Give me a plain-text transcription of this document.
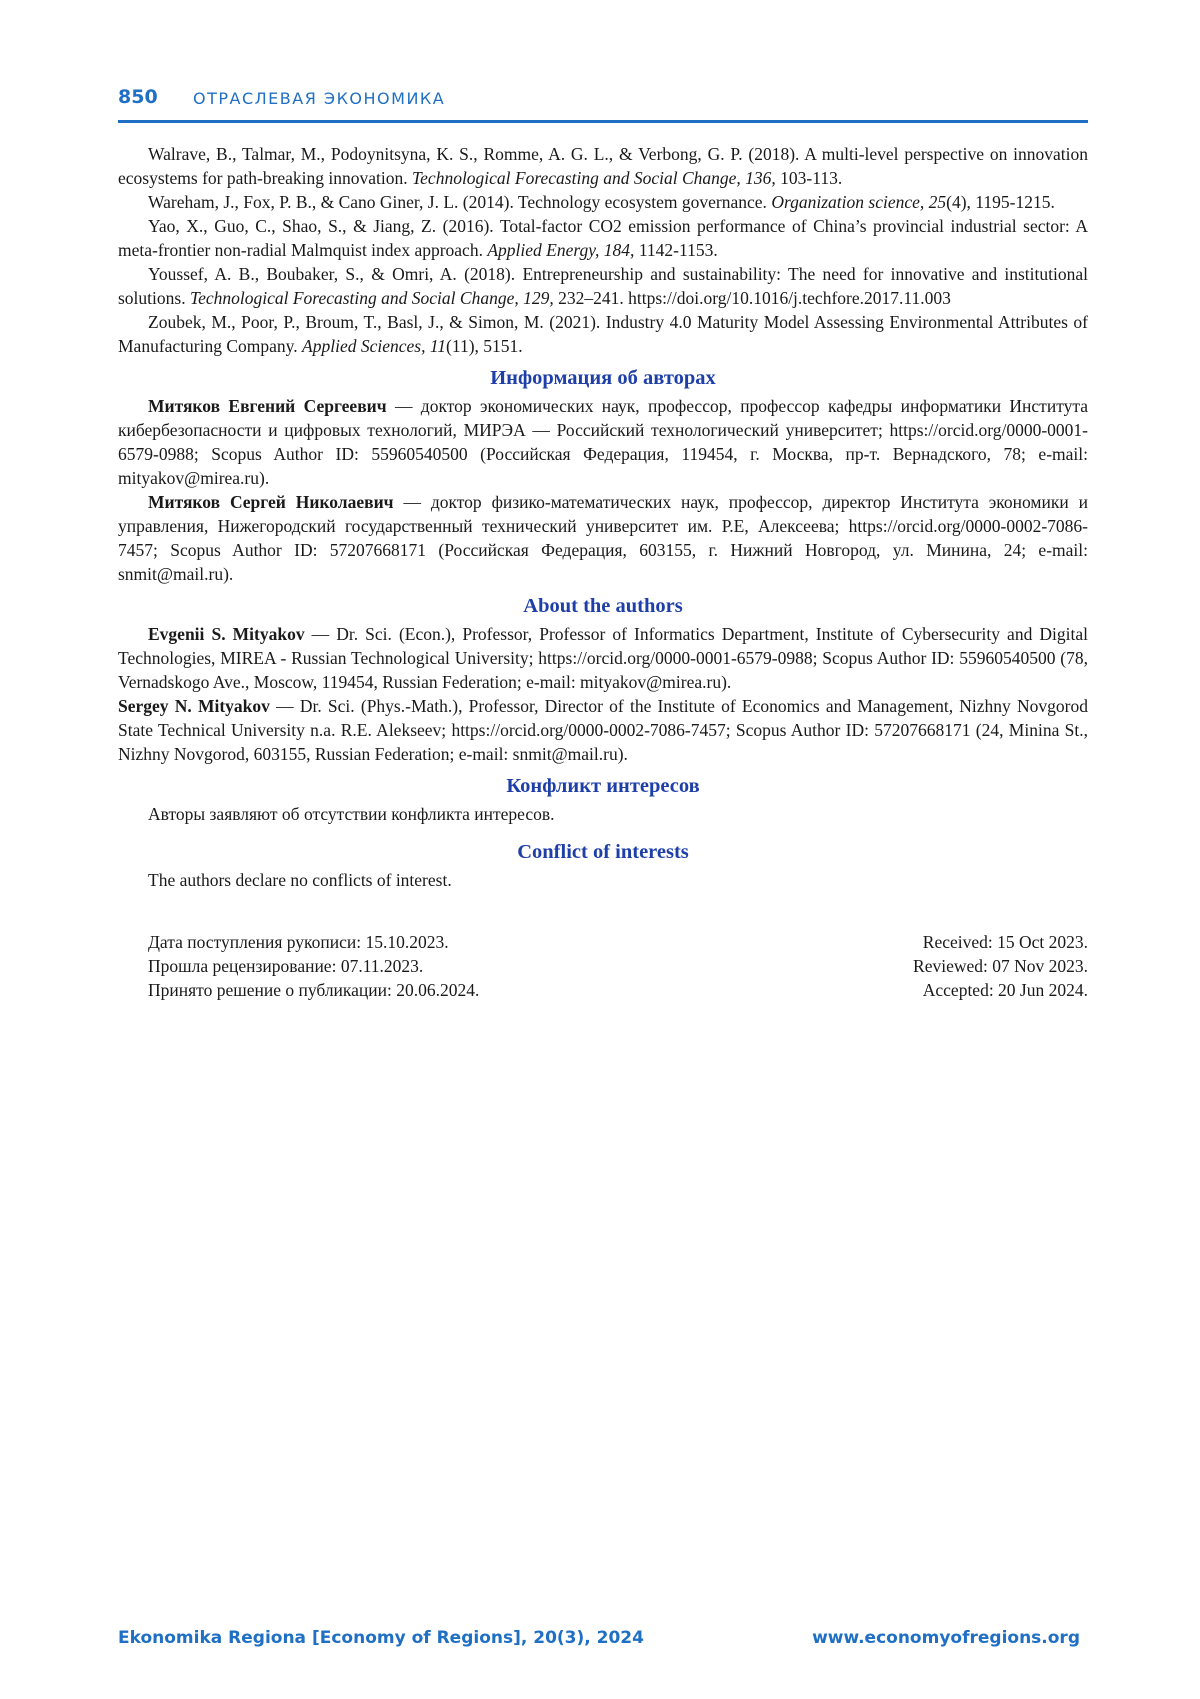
850 ОТРАСЛЕВАЯ ЭКОНОМИКА

Walrave, B., Talmar, M., Podoynitsyna, K. S., Romme, A. G. L., & Verbong, G. P. (2018). A multi-level perspective on innovation ecosystems for path-breaking innovation. Technological Forecasting and Social Change, 136, 103-113.

Wareham, J., Fox, P. B., & Cano Giner, J. L. (2014). Technology ecosystem governance. Organization science, 25(4), 1195-1215.

Yao, X., Guo, C., Shao, S., & Jiang, Z. (2016). Total-factor CO2 emission performance of China’s provincial industrial sector: A meta-frontier non-radial Malmquist index approach. Applied Energy, 184, 1142-1153.

Youssef, A. B., Boubaker, S., & Omri, A. (2018). Entrepreneurship and sustainability: The need for innovative and institutional solutions. Technological Forecasting and Social Change, 129, 232–241. https://doi.org/10.1016/j.techfore.2017.11.003

Zoubek, M., Poor, P., Broum, T., Basl, J., & Simon, M. (2021). Industry 4.0 Maturity Model Assessing Environmental Attributes of Manufacturing Company. Applied Sciences, 11(11), 5151.

Информация об авторах

Митяков Евгений Сергеевич — доктор экономических наук, профессор, профессор кафедры информатики Института кибербезопасности и цифровых технологий, МИРЭА — Российский технологический университет; https://orcid.org/0000-0001-6579-0988; Scopus Author ID: 55960540500 (Российская Федерация, 119454, г. Москва, пр-т. Вернадского, 78; e-mail: mityakov@mirea.ru).

Митяков Сергей Николаевич — доктор физико-математических наук, профессор, директор Института экономики и управления, Нижегородский государственный технический университет им. Р.Е, Алексеева; https://orcid.org/0000-0002-7086-7457; Scopus Author ID: 57207668171 (Российская Федерация, 603155, г. Нижний Новгород, ул. Минина, 24; e-mail: snmit@mail.ru).

About the authors

Evgenii S. Mityakov — Dr. Sci. (Econ.), Professor, Professor of Informatics Department, Institute of Cybersecurity and Digital Technologies, MIREA - Russian Technological University; https://orcid.org/0000-0001-6579-0988; Scopus Author ID: 55960540500 (78, Vernadskogo Ave., Moscow, 119454, Russian Federation; e-mail: mityakov@mirea.ru).

Sergey N. Mityakov — Dr. Sci. (Phys.-Math.), Professor, Director of the Institute of Economics and Management, Nizhny Novgorod State Technical University n.a. R.E. Alekseev; https://orcid.org/0000-0002-7086-7457; Scopus Author ID: 57207668171 (24, Minina St., Nizhny Novgorod, 603155, Russian Federation; e-mail: snmit@mail.ru).

Конфликт интересов

Авторы заявляют об отсутствии конфликта интересов.

Conflict of interests

The authors declare no conflicts of interest.

Дата поступления рукописи: 15.10.2023.
Прошла рецензирование: 07.11.2023.
Принято решение о публикации: 20.06.2024.
Received: 15 Oct 2023.
Reviewed: 07 Nov 2023.
Accepted: 20 Jun 2024.
Ekonomika Regiona [Economy of Regions], 20(3), 2024	www.economyofregions.org
